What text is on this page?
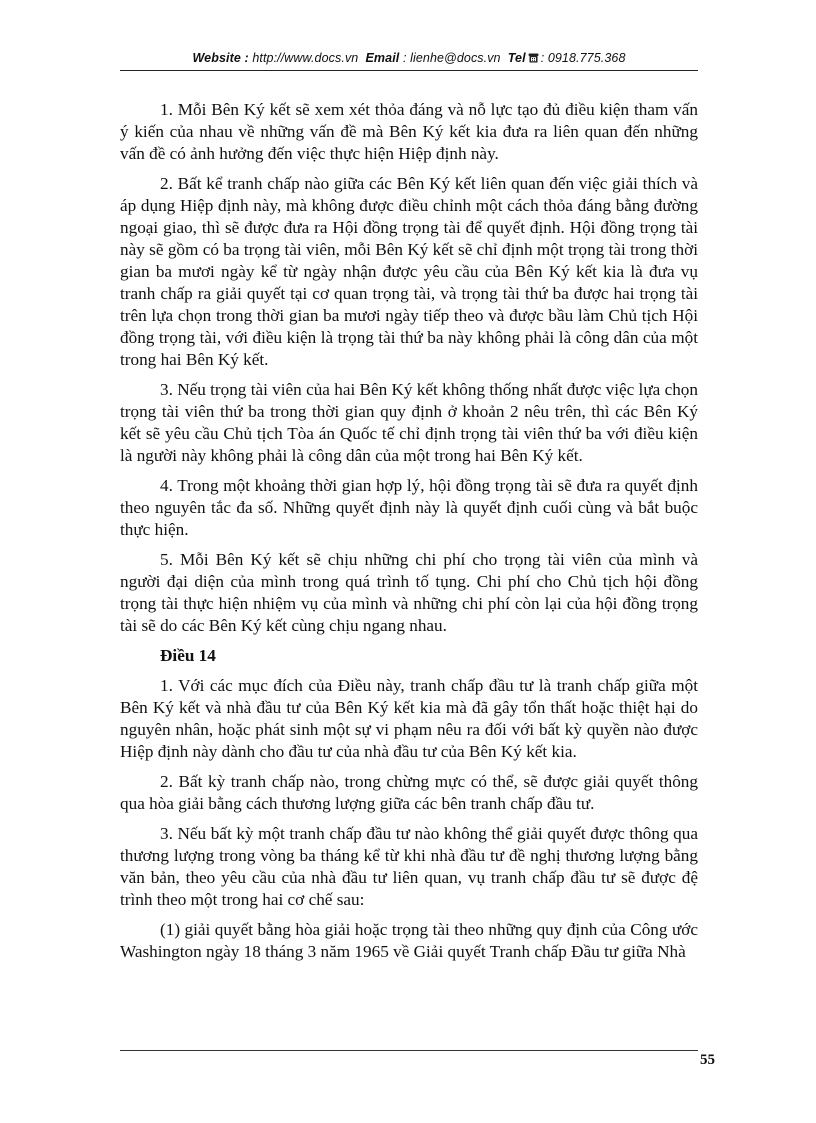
Website : http://www.docs.vn Email : lienhe@docs.vn Tel : 0918.775.368

1. Mỗi Bên Ký kết sẽ xem xét thỏa đáng và nỗ lực tạo đủ điều kiện tham vấn ý kiến của nhau về những vấn đề mà Bên Ký kết kia đưa ra liên quan đến những vấn đề có ảnh hưởng đến việc thực hiện Hiệp định này.

2. Bất kể tranh chấp nào giữa các Bên Ký kết liên quan đến việc giải thích và áp dụng Hiệp định này, mà không được điều chỉnh một cách thỏa đáng bằng đường ngoại giao, thì sẽ được đưa ra Hội đồng trọng tài để quyết định. Hội đồng trọng tài này sẽ gồm có ba trọng tài viên, mỗi Bên Ký kết sẽ chỉ định một trọng tài trong thời gian ba mươi ngày kể từ ngày nhận được yêu cầu của Bên Ký kết kia là đưa vụ tranh chấp ra giải quyết tại cơ quan trọng tài, và trọng tài thứ ba được hai trọng tài trên lựa chọn trong thời gian ba mươi ngày tiếp theo và được bầu làm Chủ tịch Hội đồng trọng tài, với điều kiện là trọng tài thứ ba này không phải là công dân của một trong hai Bên Ký kết.

3. Nếu trọng tài viên của hai Bên Ký kết không thống nhất được việc lựa chọn trọng tài viên thứ ba trong thời gian quy định ở khoản 2 nêu trên, thì các Bên Ký kết sẽ yêu cầu Chủ tịch Tòa án Quốc tế chỉ định trọng tài viên thứ ba với điều kiện là người này không phải là công dân của một trong hai Bên Ký kết.

4. Trong một khoảng thời gian hợp lý, hội đồng trọng tài sẽ đưa ra quyết định theo nguyên tắc đa số. Những quyết định này là quyết định cuối cùng và bắt buộc thực hiện.

5. Mỗi Bên Ký kết sẽ chịu những chi phí cho trọng tài viên của mình và người đại diện của mình trong quá trình tố tụng. Chi phí cho Chủ tịch hội đồng trọng tài thực hiện nhiệm vụ của mình và những chi phí còn lại của hội đồng trọng tài sẽ do các Bên Ký kết cùng chịu ngang nhau.

Điều 14

1. Với các mục đích của Điều này, tranh chấp đầu tư là tranh chấp giữa một Bên Ký kết và nhà đầu tư của Bên Ký kết kia mà đã gây tổn thất hoặc thiệt hại do nguyên nhân, hoặc phát sinh một sự vi phạm nêu ra đối với bất kỳ quyền nào được Hiệp định này dành cho đầu tư của nhà đầu tư của Bên Ký kết kia.

2. Bất kỳ tranh chấp nào, trong chừng mực có thể, sẽ được giải quyết thông qua hòa giải bằng cách thương lượng giữa các bên tranh chấp đầu tư.

3. Nếu bất kỳ một tranh chấp đầu tư nào không thể giải quyết được thông qua thương lượng trong vòng ba tháng kể từ khi nhà đầu tư đề nghị thương lượng bằng văn bản, theo yêu cầu của nhà đầu tư liên quan, vụ tranh chấp đầu tư sẽ được đệ trình theo một trong hai cơ chế sau:

(1) giải quyết bằng hòa giải hoặc trọng tài theo những quy định của Công ước Washington ngày 18 tháng 3 năm 1965 về Giải quyết Tranh chấp Đầu tư giữa Nhà

55
